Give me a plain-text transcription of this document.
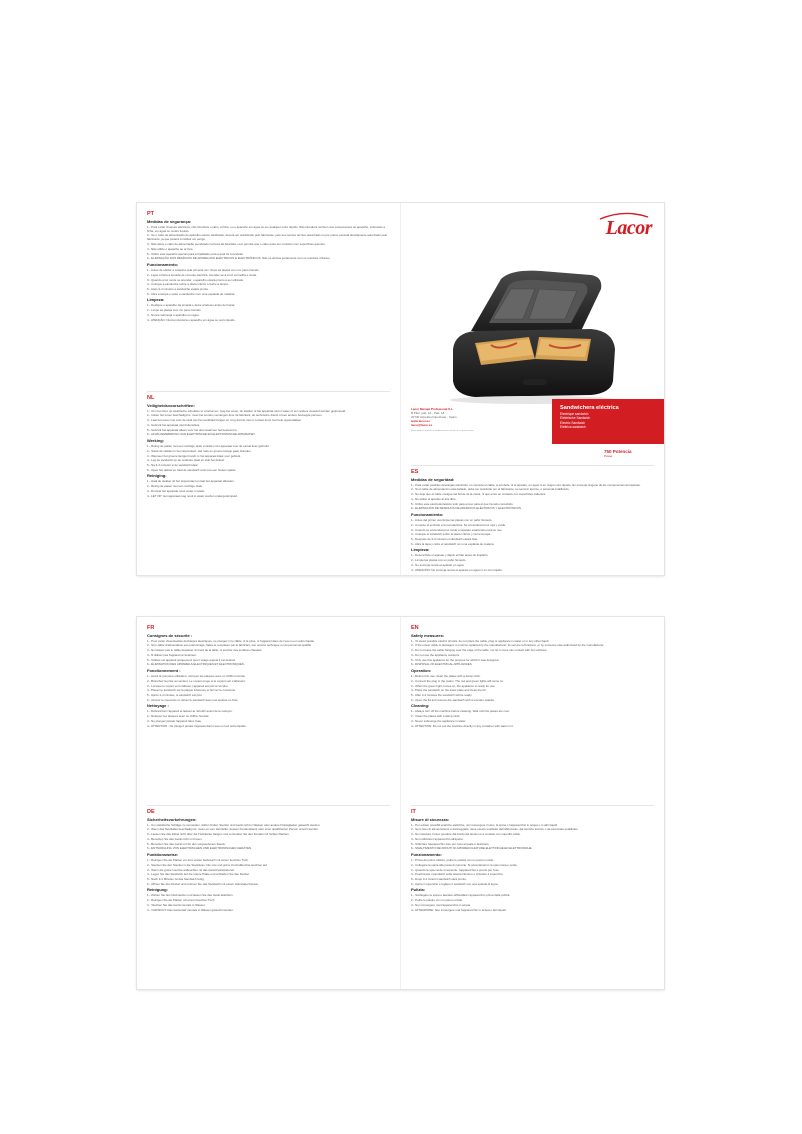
PT
Medidas de segurança:

1.- Para evitar choques eléctricos, não introduza o cabo, a ficha, ou o aparelho em água ou em qualquer outro líquido. Não introduza nenhum dos componentes do aparelho, sobretudo a ficha, em água ou noutro líquido.

2.- Se o cabo de alimentação do aparelho estiver danificado, deverá ser substituído pelo fabricante, pelo seu serviço técnico autorizado ou por outros pessoal devidamente autorizado pelo fabricante, já que poderá constituir um perigo.

3.- Não deixe o cabo de alimentação pendurado na beira da bancada, nem permita que o cabo entre em contacto com superfícies quentes.

4.- Não utilize o aparelho ao ar livre.

5.- Utilize este aparelho apenas para a finalidade para a qual foi concebido.

6.- ELIMINAÇÃO DOS RESÍDUOS DE APARELHOS ELÉCTRICOS E ELECTRÓNICOS. Não os elimine juntamente com os resíduos urbanos.

Funcionamento:

1.- Antes de utilizar a máquina pela primeira vez, limpe as placas com um pano húmido.

2.- Ligue a ficha à tomada de corrente eléctrica. Acender-se-á a luz vermelha e verde.

3.- Quando a luz verde se acender, o aparelho estará pronto a ser utilizado.

4.- Coloque a sanduíche sobre a placa inferior e feche a tampa.

5.- Após 3-4 minutos a sanduíche estará pronta.

6.- Abra a tampa e retire a sanduíche com uma espátula de madeira.

Limpeza:

1.- Desligue o aparelho da tomada e deixe arrefecer antes de limpar.

2.- Limpe as placas com um pano húmido.

3.- Nunca submerja o aparelho em água.

4.- ATENÇÃO: Nunca introduza o aparelho em água ou outro líquido.

NL
Veiligheidsvoorschriften:

1.- Om het risico op elektrische schokken te voorkomen, mag het snoer, de stekker of het apparaat niet in water of een andere vloeistof worden gedompeld.

2.- Indien het snoer beschadigd is, moet het worden vervangen door de fabrikant, de technische dienst of een andere bevoegde persoon.

3.- Laat het snoer niet over de rand van het werkblad hangen en zorg dat het niet in contact komt met hete oppervlakken.

4.- Gebruik het apparaat niet buitenshuis.

5.- Gebruik het apparaat alleen voor het doel waarvoor het bestemd is.

6.- AFVALVERWERKING VAN ELEKTRISCHE EN ELEKTRONISCHE APPARATEN.

Werking:

1.- Reinig de platen met een vochtige doek voordat u het apparaat voor de eerste keer gebruikt.

2.- Steek de stekker in het stopcontact. Het rode en groene lampje gaan branden.

3.- Wanneer het groene lampje brandt, is het apparaat klaar voor gebruik.

4.- Leg de sandwich op de onderste plaat en sluit het deksel.

5.- Na 3-4 minuten is de sandwich klaar.

6.- Open het deksel en haal de sandwich eruit met een houten spatel.

Reiniging:

1.- Haal de stekker uit het stopcontact en laat het apparaat afkoelen.

2.- Reinig de platen met een vochtige doek.

3.- Dompel het apparaat nooit onder in water.

4.- LET OP: Het apparaat mag nooit in water worden ondergedompeld.

Lacor
Sandwichera eléctrica
Electrique sandwich
Elektrische Sandwich
Electric Sandwich
Elettrica sandwich
Lacor Menaje Profesional S.L.
B Pilar, pab. 10 - Pab. 18
20730 Azpeitia (Gipuzkoa) - Spain
www.lacor.es
lacor@lacor.es
Reservado el derecho a modificaciones técnicas sin previo aviso.
750 Potencia
Power
ES
Medidas de seguridad:

1.- Para evitar posibles descargas eléctricas, no sumerja el cable, el enchufe, ni el aparato, en agua ni en ningún otro líquido. No sumerja ninguno de los componentes del aparato.

2.- Si el cable de alimentación está dañado, debe ser sustituido por el fabricante, su servicio técnico, o personal cualificado.

3.- No deje que el cable cuelgue del borde de la mesa, ni que entre en contacto con superficies calientes.

4.- No utilice el aparato al aire libre.

5.- Utilice este electrodoméstico sólo para el uso para el que ha sido concebido.

6.- ELIMINACIÓN DE RESIDUOS DE APARATOS ELÉCTRICOS Y ELECTRÓNICOS.

Funcionamiento:

1.- Antes del primer uso limpie las placas con un paño húmedo.

2.- Conecte el enchufe a la red eléctrica. Se encenderá la luz roja y verde.

3.- Cuando se encienda la luz verde el aparato estará listo para su uso.

4.- Coloque el sándwich sobre la placa inferior y cierre la tapa.

5.- Después de 3-4 minutos el sándwich estará listo.

6.- Abra la tapa y retire el sándwich con una espátula de madera.

Limpieza:

1.- Desenchufe el aparato y déjelo enfriar antes de limpiarlo.

2.- Limpie las placas con un paño húmedo.

3.- No sumerja nunca el aparato en agua.

4.- ATENCIÓN: No sumerja nunca el aparato en agua ni en otro líquido.

FR
Consignes de sécurité :

1.- Pour éviter d'éventuelles décharges électriques, ne plongez ni le câble, ni la prise, ni l'appareil dans de l'eau ou un autre liquide.

2.- Si le câble d'alimentation est endommagé, faites-le remplacer par le fabricant, son service technique ou du personnel qualifié.

3.- Ne laissez pas le câble dépasser du bord de la table, ni toucher des surfaces chaudes.

4.- N'utilisez pas l'appareil à l'extérieur.

5.- Utilisez cet appareil uniquement pour l'usage auquel il est destiné.

6.- ÉLIMINATION DES APPAREILS ÉLECTRIQUES ET ÉLECTRONIQUES.

Fonctionnement :

1.- Avant la première utilisation, nettoyez les plaques avec un chiffon humide.

2.- Branchez la prise au secteur. Le voyant rouge et le voyant vert s'allument.

3.- Lorsque le voyant vert s'allume, l'appareil est prêt à l'emploi.

4.- Placez le sandwich sur la plaque inférieure et fermez le couvercle.

5.- Après 3-4 minutes, le sandwich est prêt.

6.- Ouvrez le couvercle et retirez le sandwich avec une spatule en bois.

Nettoyage :

1.- Débranchez l'appareil et laissez-le refroidir avant de le nettoyer.

2.- Nettoyez les plaques avec un chiffon humide.

3.- Ne plongez jamais l'appareil dans l'eau.

4.- ATTENTION : Ne plongez jamais l'appareil dans l'eau ou tout autre liquide.

DE
Sicherheitsvorkehrungen:

1.- Um elektrische Schläge zu vermeiden, dürfen Kabel, Stecker und Gerät nicht in Wasser oder andere Flüssigkeiten getaucht werden.

2.- Wenn das Netzkabel beschädigt ist, muss es vom Hersteller, dessen Kundendienst oder einer qualifizierten Person ersetzt werden.

3.- Lassen Sie das Kabel nicht über die Tischkante hängen und vermeiden Sie den Kontakt mit heißen Flächen.

4.- Benutzen Sie das Gerät nicht im Freien.

5.- Benutzen Sie das Gerät nur für den vorgesehenen Zweck.

6.- ENTSORGUNG VON ELEKTRISCHEN UND ELEKTRONISCHEN GERÄTEN.

Funktionsweise:

1.- Reinigen Sie die Platten vor dem ersten Gebrauch mit einem feuchten Tuch.

2.- Stecken Sie den Stecker in die Steckdose. Die rote und grüne Kontrollleuchte leuchten auf.

3.- Wenn die grüne Leuchte aufleuchtet, ist das Gerät betriebsbereit.

4.- Legen Sie das Sandwich auf die untere Platte und schließen Sie den Deckel.

5.- Nach 3-4 Minuten ist das Sandwich fertig.

6.- Öffnen Sie den Deckel und nehmen Sie das Sandwich mit einem Holzspatel heraus.

Reinigung:

1.- Ziehen Sie den Netzstecker und lassen Sie das Gerät abkühlen.

2.- Reinigen Sie die Platten mit einem feuchten Tuch.

3.- Tauchen Sie das Gerät niemals in Wasser.

4.- VORSICHT: Das Gerät darf niemals in Wasser getaucht werden.

EN
Safety measures:

1.- To avoid possible electric shocks, do not place the cable, plug or appliance in water or in any other liquid.

2.- If the power cable is damaged, it must be replaced by the manufacturer, its service technicians, or by someone else authorised by the manufacturer.

3.- Do not leave the cable hanging over the edge of the table, nor let it come into contact with hot surfaces.

4.- Do not use the appliance outdoors.

5.- Only use this appliance for the purpose for which it was designed.

6.- DISPOSAL OF ELECTRICAL APPLIANCES.

Operation:

1.- Before first use, clean the plates with a damp cloth.

2.- Connect the plug to the mains. The red and green lights will come on.

3.- When the green light comes on, the appliance is ready for use.

4.- Place the sandwich on the lower plate and close the lid.

5.- After 3-4 minutes the sandwich will be ready.

6.- Open the lid and remove the sandwich with a wooden spatula.

Cleaning:

1.- Always turn off the machine before cleaning. Wait until the plates are cool.

2.- Clean the plates with a damp cloth.

3.- Never submerge the appliance in water.

4.- ATTENTION: Do not put the machine directly in any container with water in it.

IT
Misure di sicurezza:

1.- Per evitare possibili scariche elettriche, non immergere il cavo, la spina o l'apparecchio in acqua o in altri liquidi.

2.- Se il cavo di alimentazione è danneggiato, deve essere sostituito dal fabbricante, dal servizio tecnico o da personale qualificato.

3.- Non lasciare il cavo pendere dal bordo del tavolo né a contatto con superfici calde.

4.- Non utilizzare l'apparecchio all'aperto.

5.- Utilizzare l'apparecchio solo per l'uso al quale è destinato.

6.- SMALTIMENTO DEI RIFIUTI DI APPARECCHIATURE ELETTRICHE ED ELETTRONICHE.

Funzionamento:

1.- Prima del primo utilizzo, pulire le piastre con un panno umido.

2.- Collegare la spina alla presa di corrente. Si accenderanno la spia rossa e verde.

3.- Quando la spia verde si accende, l'apparecchio è pronto per l'uso.

4.- Posizionare il sandwich sulla piastra inferiore e chiudere il coperchio.

5.- Dopo 3-4 minuti il sandwich sarà pronto.

6.- Aprire il coperchio e togliere il sandwich con una spatola di legno.

Pulizia:

1.- Scollegare la spina e lasciare raffreddare l'apparecchio prima della pulizia.

2.- Pulire le piastre con un panno umido.

3.- Non immergere mai l'apparecchio in acqua.

4.- ATTENZIONE: Non immergere mai l'apparecchio in acqua o altri liquidi.
